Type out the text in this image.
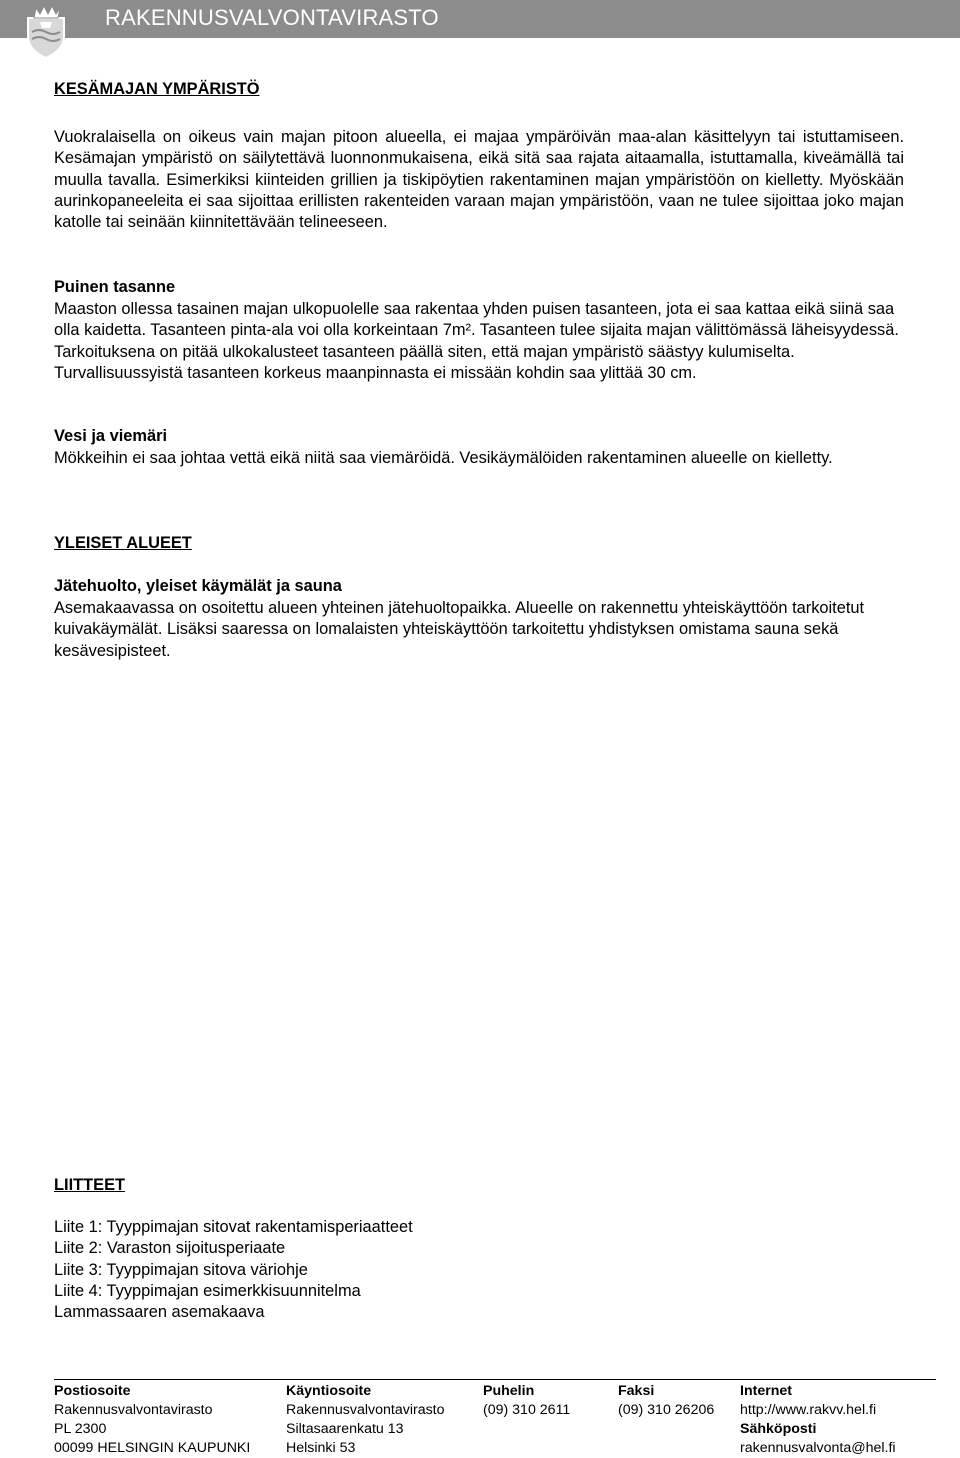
RAKENNUSVALVONTAVIRASTO
KESÄMAJAN YMPÄRISTÖ

Vuokralaisella on oikeus vain majan pitoon alueella, ei majaa ympäröivän maa-alan käsittelyyn tai istuttamiseen. Kesämajan ympäristö on säilytettävä luonnonmukaisena, eikä sitä saa rajata aitaamalla, istuttamalla, kiveämällä tai muulla tavalla. Esimerkiksi kiinteiden grillien ja tiskipöytien rakentaminen majan ympäristöön on kielletty. Myöskään aurinkopaneeleita ei saa sijoittaa erillisten rakenteiden varaan majan ympäristöön, vaan ne tulee sijoittaa joko majan katolle tai seinään kiinnitettävään telineeseen.

Puinen tasanne

Maaston ollessa tasainen majan ulkopuolelle saa rakentaa yhden puisen tasanteen, jota ei saa kattaa eikä siinä saa olla kaidetta. Tasanteen pinta-ala voi olla korkeintaan 7m². Tasanteen tulee sijaita majan välittömässä läheisyydessä. Tarkoituksena on pitää ulkokalusteet tasanteen päällä siten, että majan ympäristö säästyy kulumiselta. Turvallisuussyistä tasanteen korkeus maanpinnasta ei missään kohdin saa ylittää 30 cm.

Vesi ja viemäri

Mökkeihin ei saa johtaa vettä eikä niitä saa viemäröidä. Vesikäymälöiden rakentaminen alueelle on kielletty.

YLEISET ALUEET
Jätehuolto, yleiset käymälät ja sauna

Asemakaavassa on osoitettu alueen yhteinen jätehuoltopaikka. Alueelle on rakennettu yhteiskäyttöön tarkoitetut kuivakäymälät. Lisäksi saaressa on lomalaisten yhteiskäyttöön tarkoitettu yhdistyksen omistama sauna sekä kesävesipisteet.

LIITTEET
Liite 1: Tyyppimajan sitovat rakentamisperiaatteet
Liite 2: Varaston sijoitusperiaate
Liite 3: Tyyppimajan sitova väriohje
Liite 4: Tyyppimajan esimerkkisuunnitelma
Lammassaaren asemakaava
Postiosoite
Rakennusvalvontavirasto
PL 2300
00099 HELSINGIN KAUPUNKI
Käyntiosoite
Rakennusvalvontavirasto
Siltasaarenkatu 13
Helsinki 53
Puhelin
(09) 310 2611
Faksi
(09) 310 26206
Internet
http://www.rakvv.hel.fi
Sähköposti
rakennusvalvonta@hel.fi
